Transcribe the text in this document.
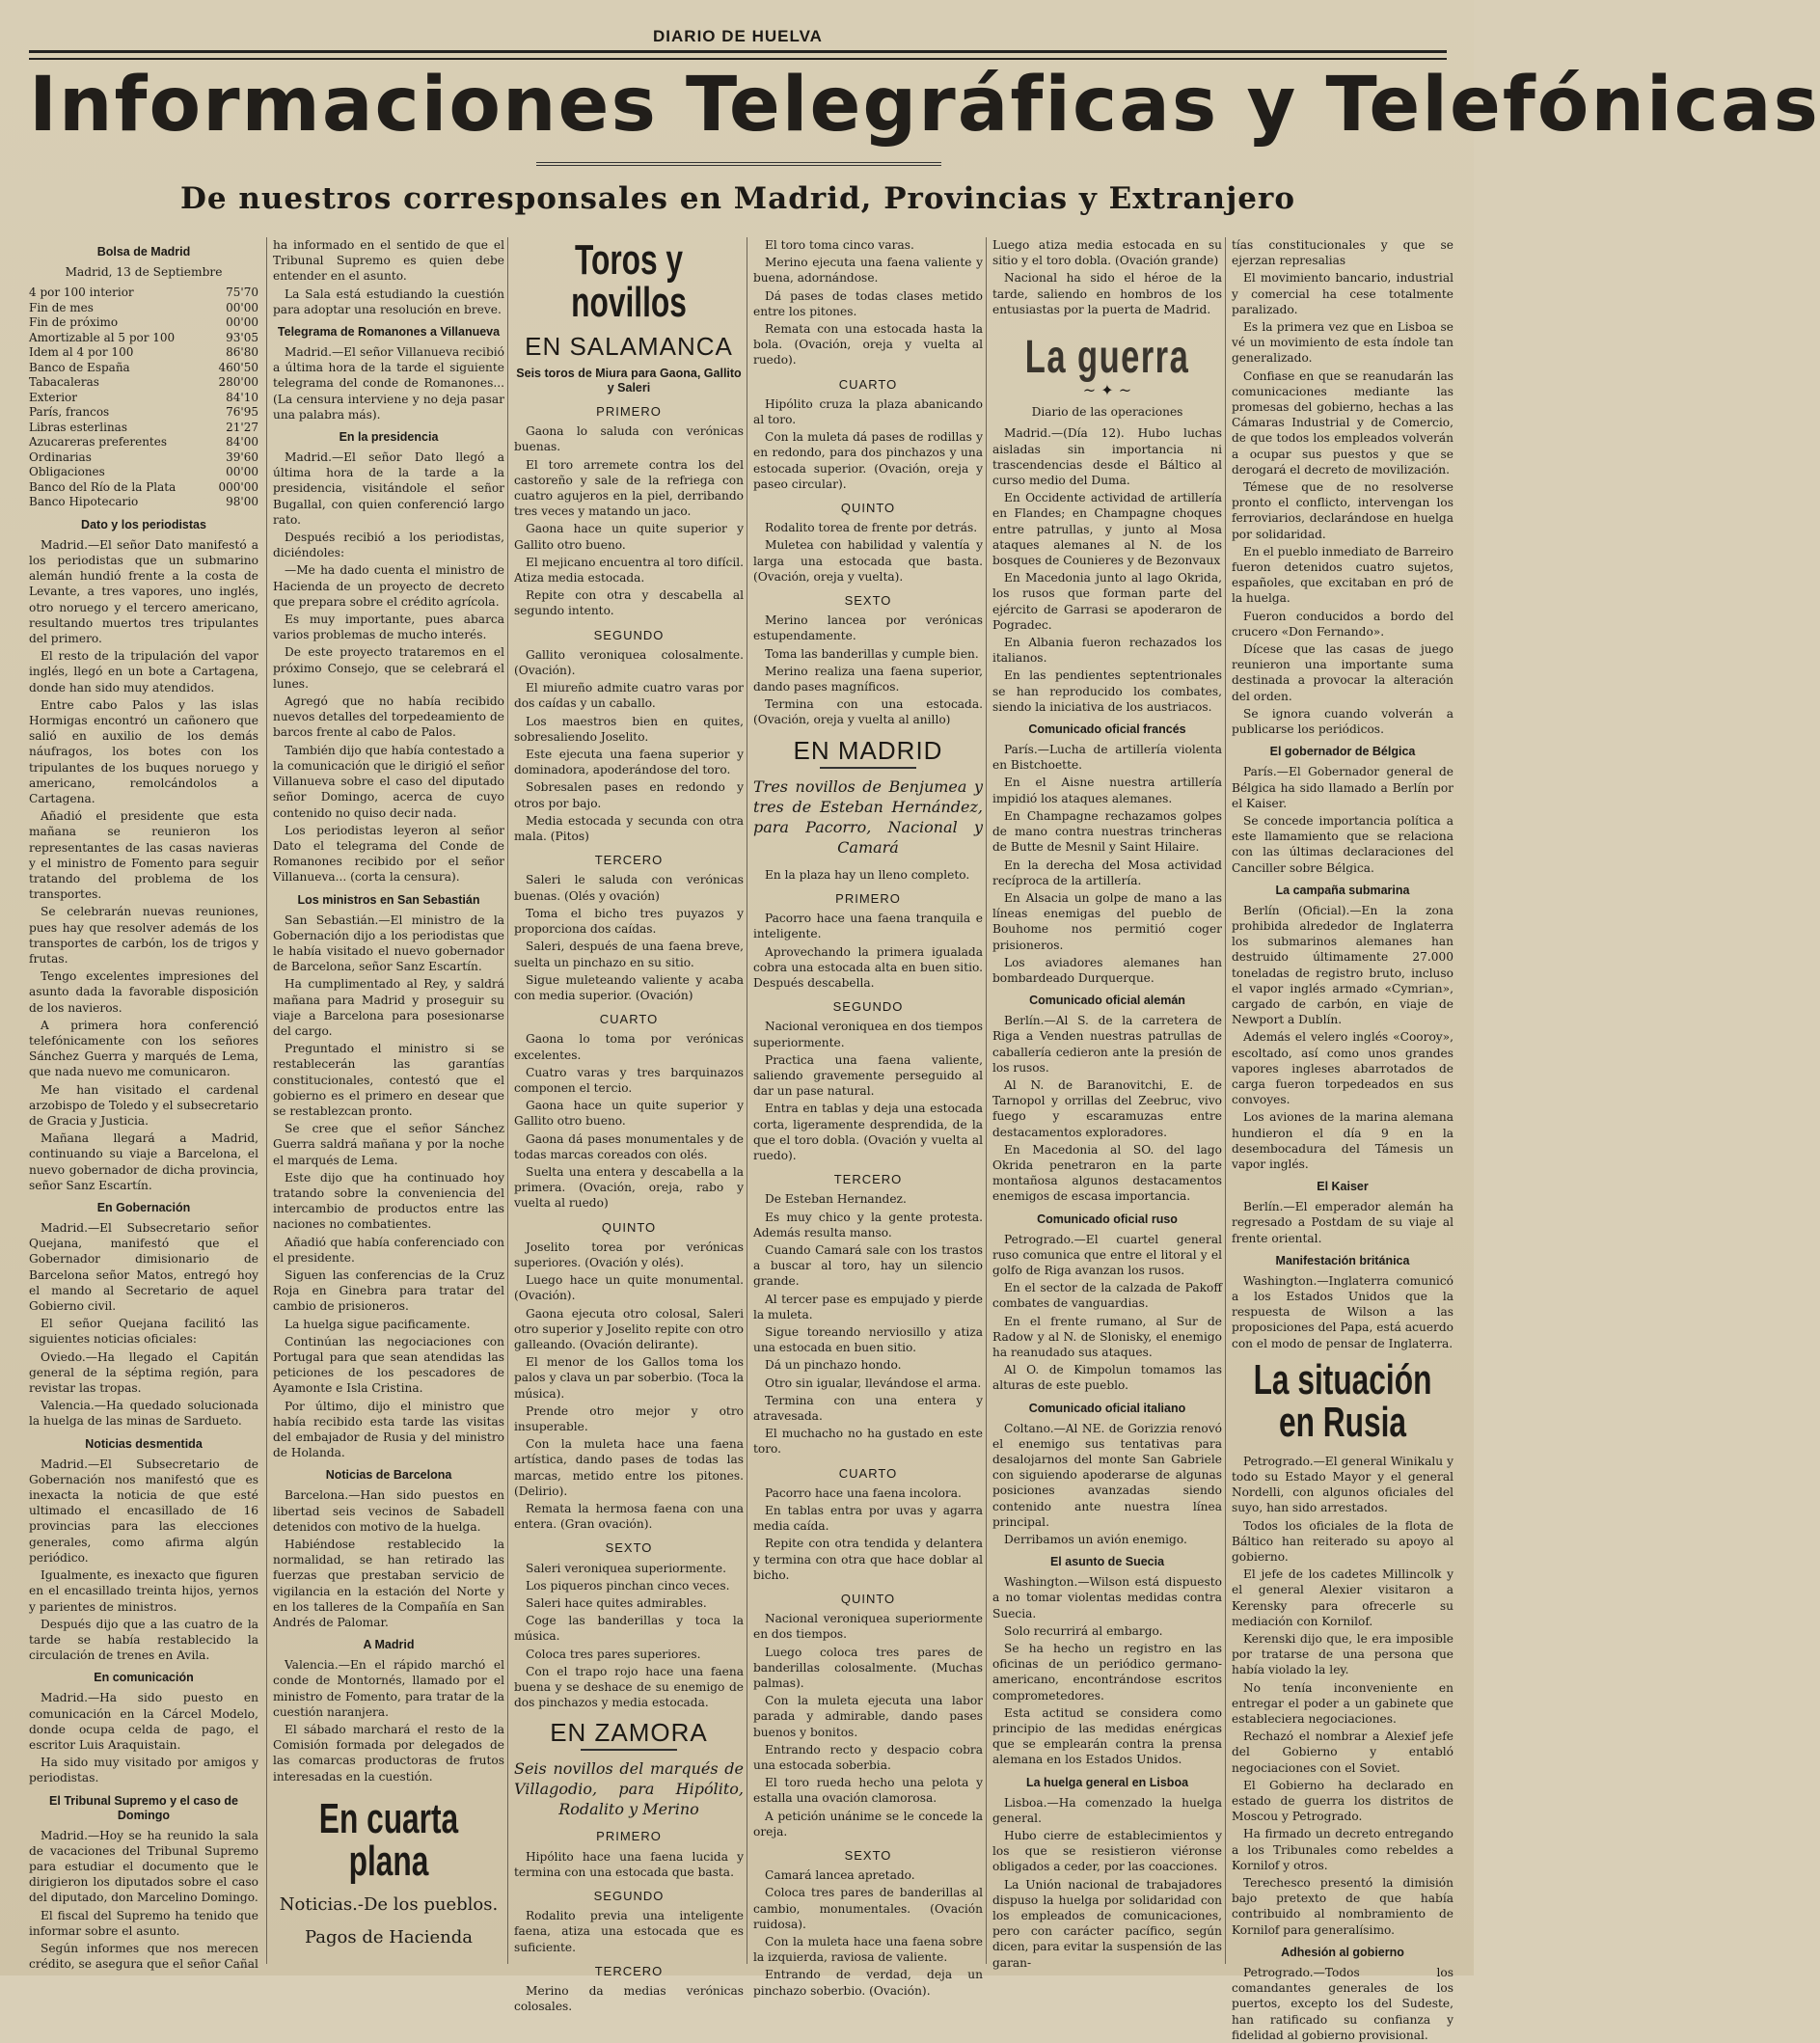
DIARIO DE HUELVA
Informaciones Telegráficas y Telefónicas
De nuestros corresponsales en Madrid, Provincias y Extranjero
Bolsa de Madrid
Madrid, 13 de Septiembre
4 por 100 interior	75'70
Fin de mes	00'00
Fin de próximo	00'00
Amortizable al 5 por 100	93'05
Idem al 4 por 100	86'80
Banco de España	460'50
Tabacaleras	280'00
Exterior	84'10
París, francos	76'95
Libras esterlinas	21'27
Azucareras preferentes	84'00
Ordinarias	39'60
Obligaciones	00'00
Banco del Río de la Plata	000'00
Banco Hipotecario	98'00
Dato y los periodistas

Madrid.—El señor Dato manifestó a los periodistas que un submarino alemán hundió frente a la costa de Levante, a tres vapores, uno inglés, otro noruego y el tercero americano, resultando muertos tres tripulantes del primero.

El resto de la tripulación del vapor inglés, llegó en un bote a Cartagena, donde han sido muy atendidos.

Entre cabo Palos y las islas Hormigas encontró un cañonero que salió en auxilio de los demás náufragos, los botes con los tripulantes de los buques noruego y americano, remolcándolos a Cartagena.

Añadió el presidente que esta mañana se reunieron los representantes de las casas navieras y el ministro de Fomento para seguir tratando del problema de los transportes.

Se celebrarán nuevas reuniones, pues hay que resolver además de los transportes de carbón, los de trigos y frutas.

Tengo excelentes impresiones del asunto dada la favorable disposición de los navieros.

A primera hora conferenció telefónicamente con los señores Sánchez Guerra y marqués de Lema, que nada nuevo me comunicaron.

Me han visitado el cardenal arzobispo de Toledo y el subsecretario de Gracia y Justicia.

Mañana llegará a Madrid, continuando su viaje a Barcelona, el nuevo gobernador de dicha provincia, señor Sanz Escartín.

En Gobernación

Madrid.—El Subsecretario señor Quejana, manifestó que el Gobernador dimisionario de Barcelona señor Matos, entregó hoy el mando al Secretario de aquel Gobierno civil.

El señor Quejana facilitó las siguientes noticias oficiales:

Oviedo.—Ha llegado el Capitán general de la séptima región, para revistar las tropas.

Valencia.—Ha quedado solucionada la huelga de las minas de Sardueto.

Noticias desmentida

Madrid.—El Subsecretario de Gobernación nos manifestó que es inexacta la noticia de que esté ultimado el encasillado de 16 provincias para las elecciones generales, como afirma algún periódico.

Igualmente, es inexacto que figuren en el encasillado treinta hijos, yernos y parientes de ministros.

Después dijo que a las cuatro de la tarde se había restablecido la circulación de trenes en Avila.

En comunicación

Madrid.—Ha sido puesto en comunicación en la Cárcel Modelo, donde ocupa celda de pago, el escritor Luis Araquistain.

Ha sido muy visitado por amigos y periodistas.

El Tribunal Supremo y el caso de Domingo

Madrid.—Hoy se ha reunido la sala de vacaciones del Tribunal Supremo para estudiar el documento que le dirigieron los diputados sobre el caso del diputado, don Marcelino Domingo.

El fiscal del Supremo ha tenido que informar sobre el asunto.

Según informes que nos merecen crédito, se asegura que el señor Cañal

ha informado en el sentido de que el Tribunal Supremo es quien debe entender en el asunto.

La Sala está estudiando la cuestión para adoptar una resolución en breve.

Telegrama de Romanones a Villanueva

Madrid.—El señor Villanueva recibió a última hora de la tarde el siguiente telegrama del conde de Romanones... (La censura interviene y no deja pasar una palabra más).

En la presidencia

Madrid.—El señor Dato llegó a última hora de la tarde a la presidencia, visitándole el señor Bugallal, con quien conferenció largo rato.

Después recibió a los periodistas, diciéndoles:

—Me ha dado cuenta el ministro de Hacienda de un proyecto de decreto que prepara sobre el crédito agrícola.

Es muy importante, pues abarca varios problemas de mucho interés.

De este proyecto trataremos en el próximo Consejo, que se celebrará el lunes.

Agregó que no había recibido nuevos detalles del torpedeamiento de barcos frente al cabo de Palos.

También dijo que había contestado a la comunicación que le dirigió el señor Villanueva sobre el caso del diputado señor Domingo, acerca de cuyo contenido no quiso decir nada.

Los periodistas leyeron al señor Dato el telegrama del Conde de Romanones recibido por el señor Villanueva... (corta la censura).

Los ministros en San Sebastián

San Sebastián.—El ministro de la Gobernación dijo a los periodistas que le había visitado el nuevo gobernador de Barcelona, señor Sanz Escartín.

Ha cumplimentado al Rey, y saldrá mañana para Madrid y proseguir su viaje a Barcelona para posesionarse del cargo.

Preguntado el ministro si se restablecerán las garantías constitucionales, contestó que el gobierno es el primero en desear que se restablezcan pronto.

Se cree que el señor Sánchez Guerra saldrá mañana y por la noche el marqués de Lema.

Este dijo que ha continuado hoy tratando sobre la conveniencia del intercambio de productos entre las naciones no combatientes.

Añadió que había conferenciado con el presidente.

Siguen las conferencias de la Cruz Roja en Ginebra para tratar del cambio de prisioneros.

La huelga sigue pacificamente.

Continúan las negociaciones con Portugal para que sean atendidas las peticiones de los pescadores de Ayamonte e Isla Cristina.

Por último, dijo el ministro que había recibido esta tarde las visitas del embajador de Rusia y del ministro de Holanda.

Noticias de Barcelona

Barcelona.—Han sido puestos en libertad seis vecinos de Sabadell detenidos con motivo de la huelga.

Habiéndose restablecido la normalidad, se han retirado las fuerzas que prestaban servicio de vigilancia en la estación del Norte y en los talleres de la Compañía en San Andrés de Palomar.

A Madrid

Valencia.—En el rápido marchó el conde de Montornés, llamado por el ministro de Fomento, para tratar de la cuestión naranjera.

El sábado marchará el resto de la Comisión formada por delegados de las comarcas productoras de frutos interesadas en la cuestión.

En cuarta plana
Noticias.-De los pueblos.
Pagos de Hacienda
Toros y novillos
EN SALAMANCA
Seis toros de Miura para Gaona, Gallito y Saleri
PRIMERO

Gaona lo saluda con verónicas buenas.

El toro arremete contra los del castoreño y sale de la refriega con cuatro agujeros en la piel, derribando tres veces y matando un jaco.

Gaona hace un quite superior y Gallito otro bueno.

El mejicano encuentra al toro difícil. Atiza media estocada.

Repite con otra y descabella al segundo intento.

SEGUNDO

Gallito veroniquea colosalmente. (Ovación).

El miureño admite cuatro varas por dos caídas y un caballo.

Los maestros bien en quites, sobresaliendo Joselito.

Este ejecuta una faena superior y dominadora, apoderándose del toro.

Sobresalen pases en redondo y otros por bajo.

Media estocada y secunda con otra mala. (Pitos)

TERCERO

Saleri le saluda con verónicas buenas. (Olés y ovación)

Toma el bicho tres puyazos y proporciona dos caídas.

Saleri, después de una faena breve, suelta un pinchazo en su sitio.

Sigue muleteando valiente y acaba con media superior. (Ovación)

CUARTO

Gaona lo toma por verónicas excelentes.

Cuatro varas y tres barquinazos componen el tercio.

Gaona hace un quite superior y Gallito otro bueno.

Gaona dá pases monumentales y de todas marcas coreados con olés.

Suelta una entera y descabella a la primera. (Ovación, oreja, rabo y vuelta al ruedo)

QUINTO

Joselito torea por verónicas superiores. (Ovación y olés).

Luego hace un quite monumental. (Ovación).

Gaona ejecuta otro colosal, Saleri otro superior y Joselito repite con otro galleando. (Ovación delirante).

El menor de los Gallos toma los palos y clava un par soberbio. (Toca la música).

Prende otro mejor y otro insuperable.

Con la muleta hace una faena artística, dando pases de todas las marcas, metido entre los pitones. (Delirio).

Remata la hermosa faena con una entera. (Gran ovación).

SEXTO

Saleri veroniquea superiormente.

Los piqueros pinchan cinco veces.

Saleri hace quites admirables.

Coge las banderillas y toca la música.

Coloca tres pares superiores.

Con el trapo rojo hace una faena buena y se deshace de su enemigo de dos pinchazos y media estocada.

EN ZAMORA
Seis novillos del marqués de Villagodio, para Hipólito, Rodalito y Merino
PRIMERO

Hipólito hace una faena lucida y termina con una estocada que basta.

SEGUNDO

Rodalito previa una inteligente faena, atiza una estocada que es suficiente.

TERCERO

Merino da medias verónicas colosales.

El toro toma cinco varas.

Merino ejecuta una faena valiente y buena, adornándose.

Dá pases de todas clases metido entre los pitones.

Remata con una estocada hasta la bola. (Ovación, oreja y vuelta al ruedo).

CUARTO

Hipólito cruza la plaza abanicando al toro.

Con la muleta dá pases de rodillas y en redondo, para dos pinchazos y una estocada superior. (Ovación, oreja y paseo circular).

QUINTO

Rodalito torea de frente por detrás.

Muletea con habilidad y valentía y larga una estocada que basta. (Ovación, oreja y vuelta).

SEXTO

Merino lancea por verónicas estupendamente.

Toma las banderillas y cumple bien.

Merino realiza una faena superior, dando pases magníficos.

Termina con una estocada. (Ovación, oreja y vuelta al anillo)

EN MADRID
Tres novillos de Benjumea y tres de Esteban Hernández, para Pacorro, Nacional y Camará

En la plaza hay un lleno completo.

PRIMERO

Pacorro hace una faena tranquila e inteligente.

Aprovechando la primera igualada cobra una estocada alta en buen sitio. Después descabella.

SEGUNDO

Nacional veroniquea en dos tiempos superiormente.

Practica una faena valiente, saliendo gravemente perseguido al dar un pase natural.

Entra en tablas y deja una estocada corta, ligeramente desprendida, de la que el toro dobla. (Ovación y vuelta al ruedo).

TERCERO

De Esteban Hernandez.

Es muy chico y la gente protesta. Además resulta manso.

Cuando Camará sale con los trastos a buscar al toro, hay un silencio grande.

Al tercer pase es empujado y pierde la muleta.

Sigue toreando nerviosillo y atiza una estocada en buen sitio.

Dá un pinchazo hondo.

Otro sin igualar, llevándose el arma.

Termina con una entera y atravesada.

El muchacho no ha gustado en este toro.

CUARTO

Pacorro hace una faena incolora.

En tablas entra por uvas y agarra media caída.

Repite con otra tendida y delantera y termina con otra que hace doblar al bicho.

QUINTO

Nacional veroniquea superiormente en dos tiempos.

Luego coloca tres pares de banderillas colosalmente. (Muchas palmas).

Con la muleta ejecuta una labor parada y admirable, dando pases buenos y bonitos.

Entrando recto y despacio cobra una estocada soberbia.

El toro rueda hecho una pelota y estalla una ovación clamorosa.

A petición unánime se le concede la oreja.

SEXTO

Camará lancea apretado.

Coloca tres pares de banderillas al cambio, monumentales. (Ovación ruidosa).

Con la muleta hace una faena sobre la izquierda, raviosa de valiente.

Entrando de verdad, deja un pinchazo soberbio. (Ovación).

Luego atiza media estocada en su sitio y el toro dobla. (Ovación grande)

Nacional ha sido el héroe de la tarde, saliendo en hombros de los entusiastas por la puerta de Madrid.

La guerra
~ ✦ ~
Diario de las operaciones

Madrid.—(Día 12). Hubo luchas aisladas sin importancia ni trascendencias desde el Báltico al curso medio del Duma.

En Occidente actividad de artillería en Flandes; en Champagne choques entre patrullas, y junto al Mosa ataques alemanes al N. de los bosques de Counieres y de Bezonvaux

En Macedonia junto al lago Okrida, los rusos que forman parte del ejército de Garrasi se apoderaron de Pogradec.

En Albania fueron rechazados los italianos.

En las pendientes septentrionales se han reproducido los combates, siendo la iniciativa de los austriacos.

Comunicado oficial francés

París.—Lucha de artillería violenta en Bistchoette.

En el Aisne nuestra artillería impidió los ataques alemanes.

En Champagne rechazamos golpes de mano contra nuestras trincheras de Butte de Mesnil y Saint Hilaire.

En la derecha del Mosa actividad recíproca de la artillería.

En Alsacia un golpe de mano a las líneas enemigas del pueblo de Bouhome nos permitió coger prisioneros.

Los aviadores alemanes han bombardeado Durquerque.

Comunicado oficial alemán

Berlín.—Al S. de la carretera de Riga a Venden nuestras patrullas de caballería cedieron ante la presión de los rusos.

Al N. de Baranovitchi, E. de Tarnopol y orrillas del Zeebruc, vivo fuego y escaramuzas entre destacamentos exploradores.

En Macedonia al SO. del lago Okrida penetraron en la parte montañosa algunos destacamentos enemigos de escasa importancia.

Comunicado oficial ruso

Petrogrado.—El cuartel general ruso comunica que entre el litoral y el golfo de Riga avanzan los rusos.

En el sector de la calzada de Pakoff combates de vanguardias.

En el frente rumano, al Sur de Radow y al N. de Slonisky, el enemigo ha reanudado sus ataques.

Al O. de Kimpolun tomamos las alturas de este pueblo.

Comunicado oficial italiano

Coltano.—Al NE. de Gorizzia renovó el enemigo sus tentativas para desalojarnos del monte San Gabriele con siguiendo apoderarse de algunas posiciones avanzadas siendo contenido ante nuestra línea principal.

Derribamos un avión enemigo.

El asunto de Suecia

Washington.—Wilson está dispuesto a no tomar violentas medidas contra Suecia.

Solo recurrirá al embargo.

Se ha hecho un registro en las oficinas de un periódico germano-americano, encontrándose escritos comprometedores.

Esta actitud se considera como principio de las medidas enérgicas que se emplearán contra la prensa alemana en los Estados Unidos.

La huelga general en Lisboa

Lisboa.—Ha comenzado la huelga general.

Hubo cierre de establecimientos y los que se resistieron viéronse obligados a ceder, por las coacciones.

La Unión nacional de trabajadores dispuso la huelga por solidaridad con los empleados de comunicaciones, pero con carácter pacífico, según dicen, para evitar la suspensión de las garan-

tías constitucionales y que se ejerzan represalias

El movimiento bancario, industrial y comercial ha cese totalmente paralizado.

Es la primera vez que en Lisboa se vé un movimiento de esta índole tan generalizado.

Confiase en que se reanudarán las comunicaciones mediante las promesas del gobierno, hechas a las Cámaras Industrial y de Comercio, de que todos los empleados volverán a ocupar sus puestos y que se derogará el decreto de movilización.

Témese que de no resolverse pronto el conflicto, intervengan los ferroviarios, declarándose en huelga por solidaridad.

En el pueblo inmediato de Barreiro fueron detenidos cuatro sujetos, españoles, que excitaban en pró de la huelga.

Fueron conducidos a bordo del crucero «Don Fernando».

Dícese que las casas de juego reunieron una importante suma destinada a provocar la alteración del orden.

Se ignora cuando volverán a publicarse los periódicos.

El gobernador de Bélgica

París.—El Gobernador general de Bélgica ha sido llamado a Berlín por el Kaiser.

Se concede importancia política a este llamamiento que se relaciona con las últimas declaraciones del Canciller sobre Bélgica.

La campaña submarina

Berlín (Oficial).—En la zona prohibida alrededor de Inglaterra los submarinos alemanes han destruido últimamente 27.000 toneladas de registro bruto, incluso el vapor inglés armado «Cymrian», cargado de carbón, en viaje de Newport a Dublín.

Además el velero inglés «Cooroy», escoltado, así como unos grandes vapores ingleses abarrotados de carga fueron torpedeados en sus convoyes.

Los aviones de la marina alemana hundieron el día 9 en la desembocadura del Támesis un vapor inglés.

El Kaiser

Berlín.—El emperador alemán ha regresado a Postdam de su viaje al frente oriental.

Manifestación británica

Washington.—Inglaterra comunicó a los Estados Unidos que la respuesta de Wilson a las proposiciones del Papa, está acuerdo con el modo de pensar de Inglaterra.

La situación en Rusia

Petrogrado.—El general Winikalu y todo su Estado Mayor y el general Nordelli, con algunos oficiales del suyo, han sido arrestados.

Todos los oficiales de la flota de Báltico han reiterado su apoyo al gobierno.

El jefe de los cadetes Millincolk y el general Alexier visitaron a Kerensky para ofrecerle su mediación con Kornilof.

Kerenski dijo que, le era imposible por tratarse de una persona que había violado la ley.

No tenía inconveniente en entregar el poder a un gabinete que estableciera negociaciones.

Rechazó el nombrar a Alexief jefe del Gobierno y entabló negociaciones con el Soviet.

El Gobierno ha declarado en estado de guerra los distritos de Moscou y Petrogrado.

Ha firmado un decreto entregando a los Tribunales como rebeldes a Kornilof y otros.

Terechesco presentó la dimisión bajo pretexto de que había contribuido al nombramiento de Kornilof para generalísimo.

Adhesión al gobierno

Petrogrado.—Todos los comandantes generales de los puertos, excepto los del Sudeste, han ratificado su confianza y fidelidad al gobierno provisional.
